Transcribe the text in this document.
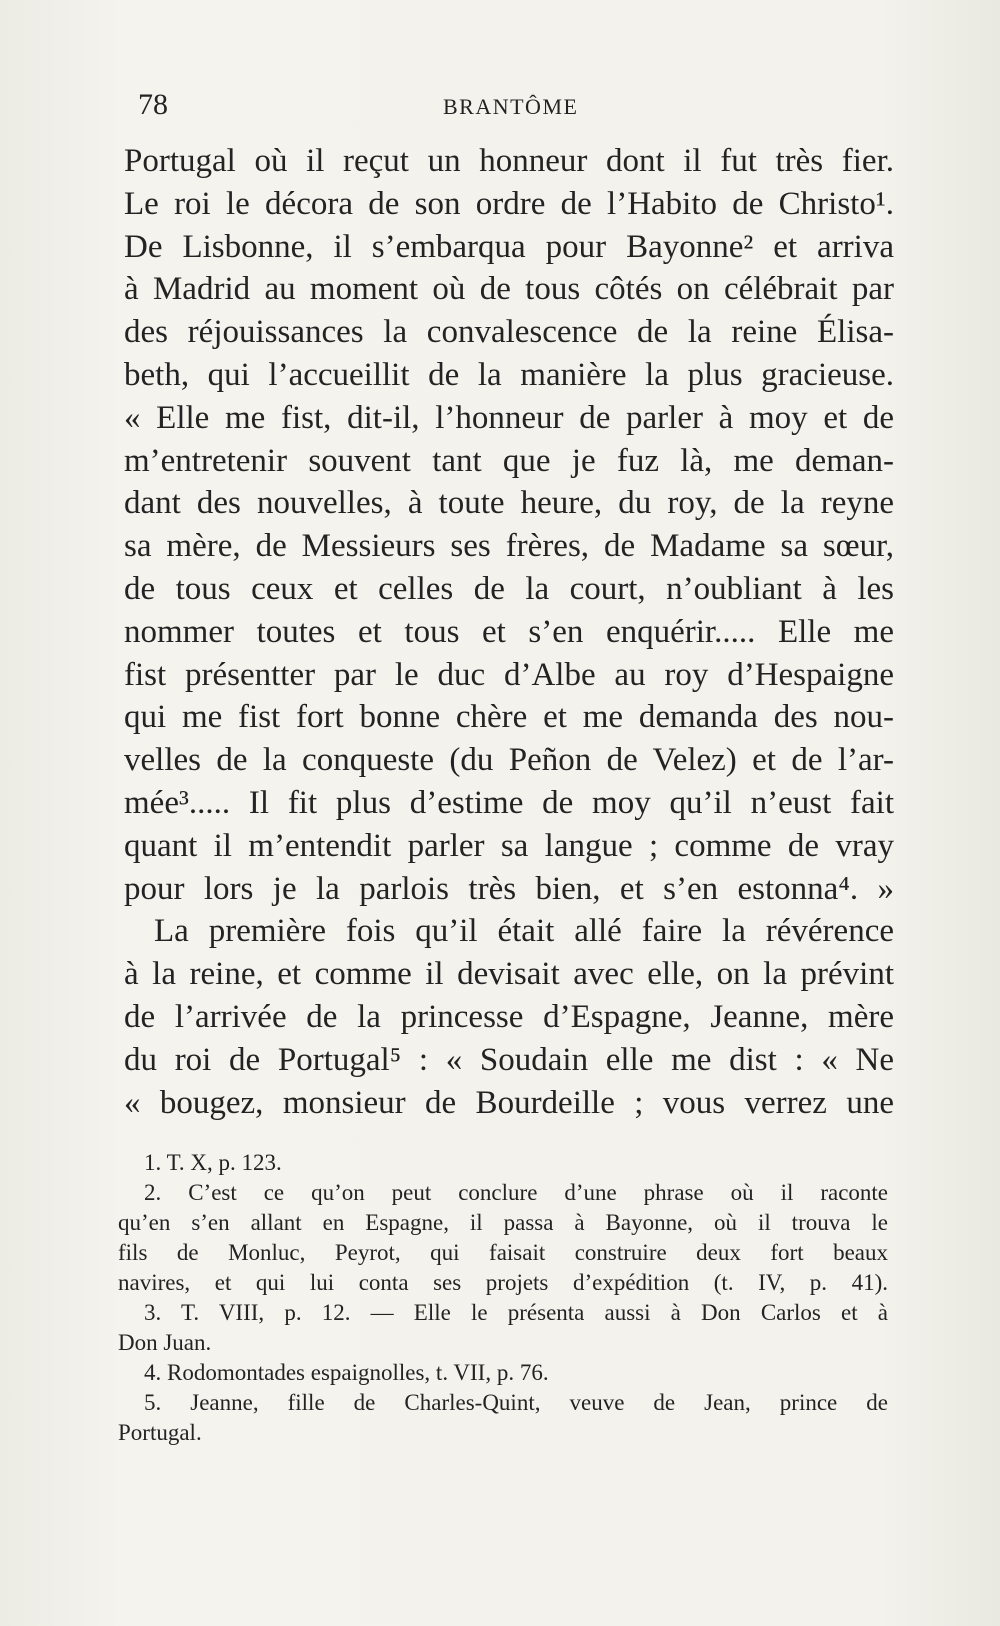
78	BRANTÔME
Portugal où il reçut un honneur dont il fut très fier.
Le roi le décora de son ordre de l’Habito de Christo¹.
De Lisbonne, il s’embarqua pour Bayonne² et arriva
à Madrid au moment où de tous côtés on célébrait par
des réjouissances la convalescence de la reine Élisa-
beth, qui l’accueillit de la manière la plus gracieuse.
« Elle me fist, dit-il, l’honneur de parler à moy et de
m’entretenir souvent tant que je fuz là, me deman-
dant des nouvelles, à toute heure, du roy, de la reyne
sa mère, de Messieurs ses frères, de Madame sa sœur,
de tous ceux et celles de la court, n’oubliant à les
nommer toutes et tous et s’en enquérir..... Elle me
fist présentter par le duc d’Albe au roy d’Hespaigne
qui me fist fort bonne chère et me demanda des nou-
velles de la conqueste (du Peñon de Velez) et de l’ar-
mée³..... Il fit plus d’estime de moy qu’il n’eust fait
quant il m’entendit parler sa langue ; comme de vray
pour lors je la parlois très bien, et s’en estonna⁴. »
La première fois qu’il était allé faire la révérence
à la reine, et comme il devisait avec elle, on la prévint
de l’arrivée de la princesse d’Espagne, Jeanne, mère
du roi de Portugal⁵ : « Soudain elle me dist : « Ne
« bougez, monsieur de Bourdeille ; vous verrez une
1. T. X, p. 123.
2. C’est ce qu’on peut conclure d’une phrase où il raconte
qu’en s’en allant en Espagne, il passa à Bayonne, où il trouva le
fils de Monluc, Peyrot, qui faisait construire deux fort beaux
navires, et qui lui conta ses projets d’expédition (t. IV, p. 41).
3. T. VIII, p. 12. — Elle le présenta aussi à Don Carlos et à
Don Juan.
4. Rodomontades espaignolles, t. VII, p. 76.
5. Jeanne, fille de Charles-Quint, veuve de Jean, prince de
Portugal.
